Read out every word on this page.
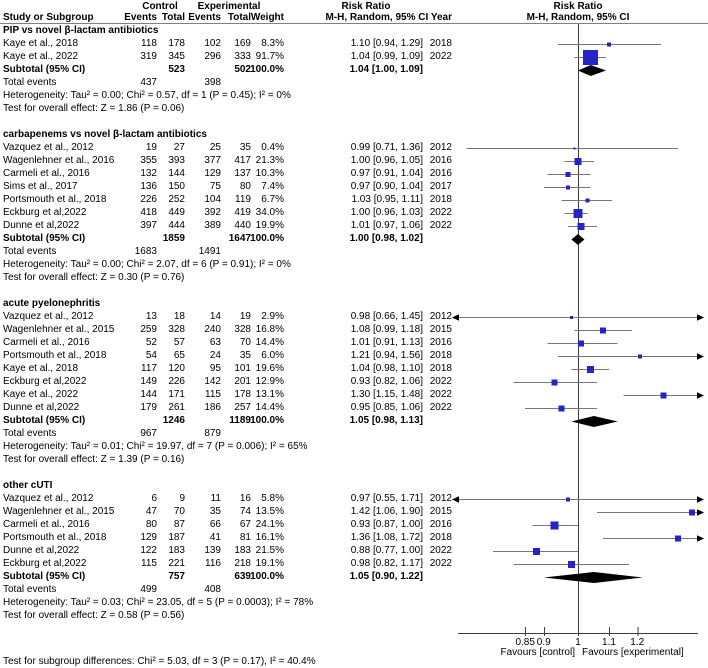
Control	Experimental	Risk Ratio	Risk Ratio
Study or Subgroup	Events Total Events Total Weight	M-H, Random, 95% CI Year	M-H, Random, 95% CI
PIP vs novel β-lactam antibiotics
Kaye et al., 2018	118	178	102	169	8.3%	1.10 [0.94, 1.29] 2018
Kaye et al., 2022	319	345	296	333 91.7%	1.04 [0.99, 1.09] 2022
Subtotal (95% CI)	523	502 100.0%	1.04 [1.00, 1.09]
Total events	437	398
Heterogeneity: Tau² = 0.00; Chi² = 0.57, df = 1 (P = 0.45); I² = 0%
Test for overall effect: Z = 1.86 (P = 0.06)
carbapenems vs novel β-lactam antibiotics
Vazquez et al., 2012	19	27	25	35	0.4%	0.99 [0.71, 1.36] 2012
Wagenlehner et al., 2016	355	393	377	417 21.3%	1.00 [0.96, 1.05] 2016
Carmeli et al., 2016	132	144	129	137 10.3%	0.97 [0.91, 1.04] 2016
Sims et al., 2017	136	150	75	80	7.4%	0.97 [0.90, 1.04] 2017
Portsmouth et al., 2018	226	252	104	119	6.7%	1.03 [0.95, 1.11] 2018
Eckburg et al,2022	418	449	392	419 34.0%	1.00 [0.96, 1.03] 2022
Dunne et al,2022	397	444	389	440 19.9%	1.01 [0.97, 1.06] 2022
Subtotal (95% CI)	1859	1647 100.0%	1.00 [0.98, 1.02]
Total events	1683	1491
Heterogeneity: Tau² = 0.00; Chi² = 2.07, df = 6 (P = 0.91); I² = 0%
Test for overall effect: Z = 0.30 (P = 0.76)
acute pyelonephritis
Vazquez et al., 2012	13	18	14	19	2.9%	0.98 [0.66, 1.45] 2012
Wagenlehner et al., 2015	259	328	240	328 16.8%	1.08 [0.99, 1.18] 2015
Carmeli et al., 2016	52	57	63	70 14.4%	1.01 [0.91, 1.13] 2016
Portsmouth et al., 2018	54	65	24	35	6.0%	1.21 [0.94, 1.56] 2018
Kaye et al., 2018	117	120	95	101 19.6%	1.04 [0.98, 1.10] 2018
Eckburg et al,2022	149	226	142	201 12.9%	0.93 [0.82, 1.06] 2022
Kaye et al., 2022	144	171	115	178 13.1%	1.30 [1.15, 1.48] 2022
Dunne et al,2022	179	261	186	257 14.4%	0.95 [0.85, 1.06] 2022
Subtotal (95% CI)	1246	1189 100.0%	1.05 [0.98, 1.13]
Total events	967	879
Heterogeneity: Tau² = 0.01; Chi² = 19.97, df = 7 (P = 0.006); I² = 65%
Test for overall effect: Z = 1.39 (P = 0.16)
other cUTI
Vazquez et al., 2012	6	9	11	16	5.8%	0.97 [0.55, 1.71] 2012
Wagenlehner et al., 2015	47	70	35	74 13.5%	1.42 [1.06, 1.90] 2015
Carmeli et al., 2016	80	87	66	67 24.1%	0.93 [0.87, 1.00] 2016
Portsmouth et al., 2018	129	187	41	81 16.1%	1.36 [1.08, 1.72] 2018
Dunne et al,2022	122	183	139	183 21.5%	0.88 [0.77, 1.00] 2022
Eckburg et al,2022	115	221	116	218 19.1%	0.98 [0.82, 1.17] 2022
Subtotal (95% CI)	757	639 100.0%	1.05 [0.90, 1.22]
Total events	499	408
Heterogeneity: Tau² = 0.03; Chi² = 23.05, df = 5 (P = 0.0003); I² = 78%
Test for overall effect: Z = 0.58 (P = 0.56)
0.85 0.9	1	1.1	1.2
Favours [control] Favours [experimental]
Test for subgroup differences: Chi² = 5.03, df = 3 (P = 0.17), I² = 40.4%
